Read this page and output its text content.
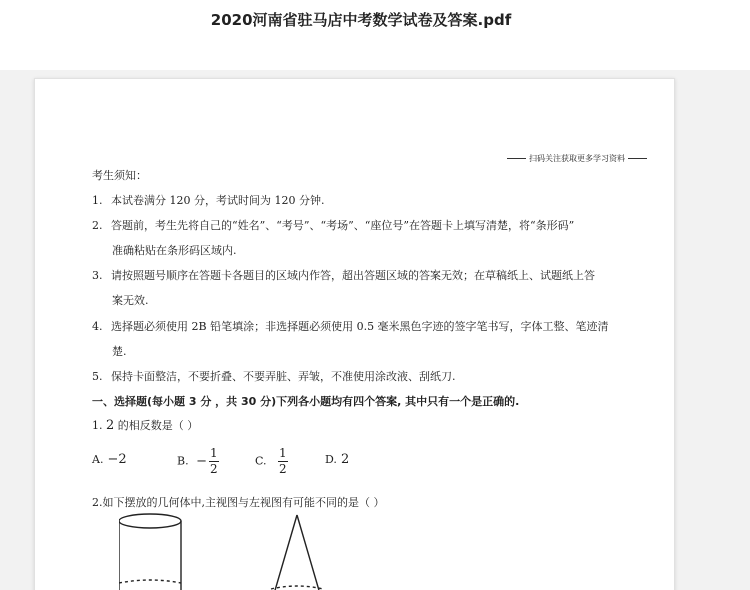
2020河南省驻马店中考数学试卷及答案.pdf
扫码关注获取更多学习资料
考生须知：
1. 本试卷满分 120 分，考试时间为 120 分钟.
2. 答题前，考生先将自己的“姓名”、“考号”、“考场”、“座位号”在答题卡上填写清楚，将“条形码”
准确粘贴在条形码区域内.
3. 请按照题号顺序在答题卡各题目的区域内作答，超出答题区域的答案无效；在草稿纸上、试题纸上答
案无效.
4. 选择题必须使用 2B 铅笔填涂；非选择题必须使用 0.5 毫米黑色字迹的签字笔书写，字体工整、笔迹清
楚.
5. 保持卡面整洁，不要折叠、不要弄脏、弄皱，不准使用涂改液、刮纸刀.
一、选择题(每小题 3 分 ，共 30 分)下列各小题均有四个答案, 其中只有一个是正确的.
1. 2 的相反数是（ ）
A. −2	B. − $\frac{1}{2}$	C. $\frac{1}{2}$	D. 2
2.如下摆放的几何体中,主视图与左视图有可能不同的是（ ）
